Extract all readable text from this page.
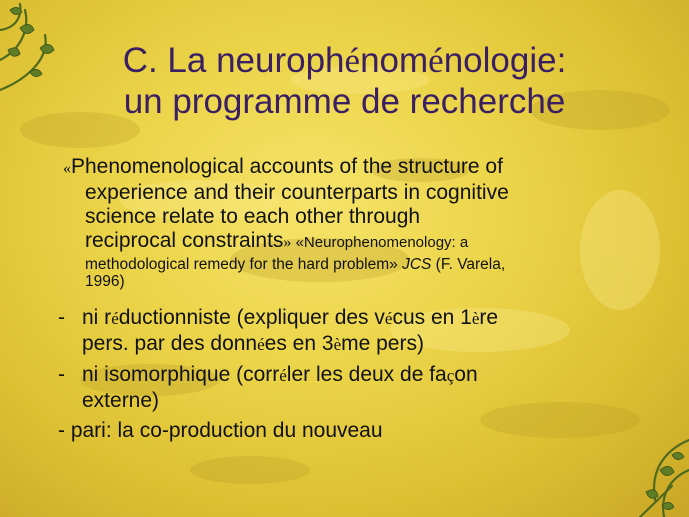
C. La neurophénoménologie:
un programme de recherche
«Phenomenological accounts of the structure of
experience and their counterparts in cognitive
science relate to each other through
reciprocal constraints» «Neurophenomenology: a
methodological remedy for the hard problem» JCS (F. Varela,
1996)
- ni réductionniste (expliquer des vécus en 1ère
pers. par des données en 3ème pers)
- ni isomorphique (corréler les deux de façon
externe)
- pari: la co-production du nouveau
